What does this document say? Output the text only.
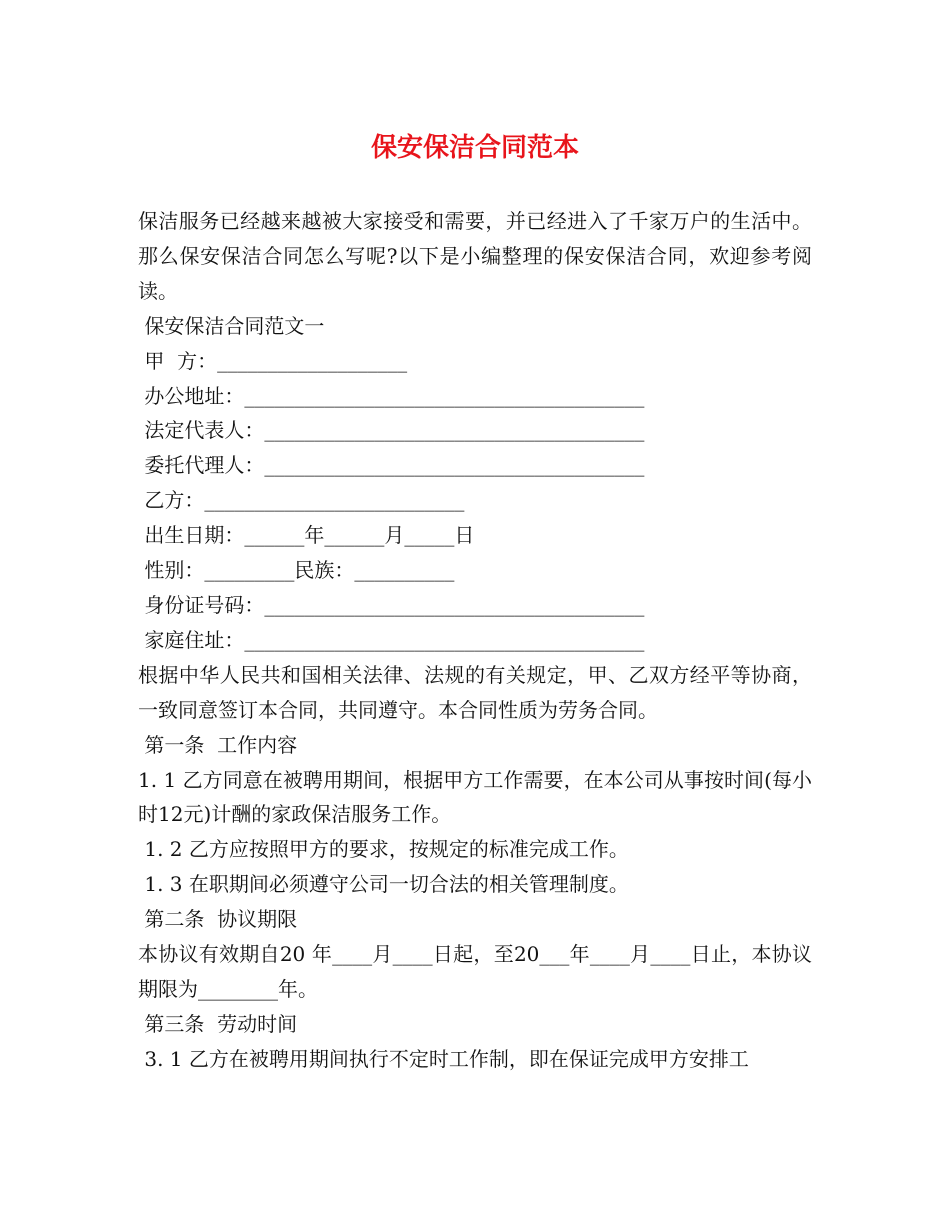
保安保洁合同范本

保洁服务已经越来越被大家接受和需要，并已经进入了千家万户的生活中。那么保安保洁合同怎么写呢?以下是小编整理的保安保洁合同，欢迎参考阅读。

保安保洁合同范文一

甲  方：___________________

办公地址：________________________________________

法定代表人：______________________________________

委托代理人：______________________________________

乙方：__________________________

出生日期：______年______月_____日

性别：_________民族：__________

身份证号码：______________________________________

家庭住址：________________________________________

根据中华人民共和国相关法律、法规的有关规定，甲、乙双方经平等协商，一致同意签订本合同，共同遵守。本合同性质为劳务合同。

第一条  工作内容

1. 1 乙方同意在被聘用期间，根据甲方工作需要，在本公司从事按时间(每小时12元)计酬的家政保洁服务工作。

1. 2 乙方应按照甲方的要求，按规定的标准完成工作。

1. 3 在职期间必须遵守公司一切合法的相关管理制度。

第二条  协议期限

本协议有效期自20 年____月____日起，至20___年____月____日止，本协议期限为________年。

第三条  劳动时间

3. 1 乙方在被聘用期间执行不定时工作制，即在保证完成甲方安排工
